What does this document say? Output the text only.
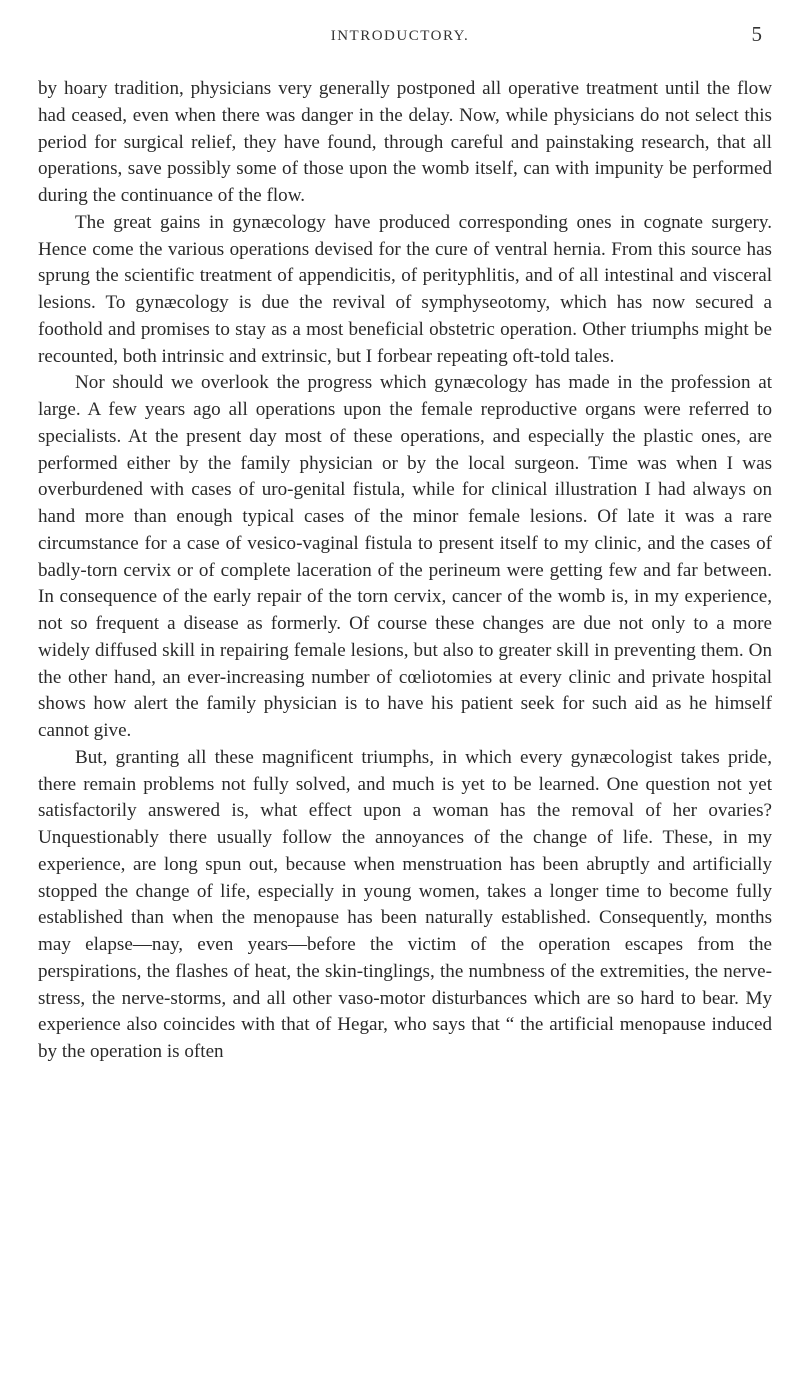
INTRODUCTORY.	5

by hoary tradition, physicians very generally postponed all operative treatment until the flow had ceased, even when there was danger in the delay. Now, while physicians do not select this period for surgical relief, they have found, through careful and painstaking research, that all operations, save possibly some of those upon the womb itself, can with impunity be performed during the continuance of the flow.

The great gains in gynæcology have produced corresponding ones in cognate surgery. Hence come the various operations devised for the cure of ventral hernia. From this source has sprung the scientific treatment of appendicitis, of perityphlitis, and of all intestinal and visceral lesions. To gynæcology is due the revival of symphyseotomy, which has now secured a foothold and promises to stay as a most beneficial obstetric operation. Other triumphs might be recounted, both intrinsic and extrinsic, but I forbear repeating oft-told tales.

Nor should we overlook the progress which gynæcology has made in the profession at large. A few years ago all operations upon the female reproductive organs were referred to specialists. At the present day most of these operations, and especially the plastic ones, are performed either by the family physician or by the local surgeon. Time was when I was overburdened with cases of uro-genital fistula, while for clinical illustration I had always on hand more than enough typical cases of the minor female lesions. Of late it was a rare circumstance for a case of vesico-vaginal fistula to present itself to my clinic, and the cases of badly-torn cervix or of complete laceration of the perineum were getting few and far between. In consequence of the early repair of the torn cervix, cancer of the womb is, in my experience, not so frequent a disease as formerly. Of course these changes are due not only to a more widely diffused skill in repairing female lesions, but also to greater skill in preventing them. On the other hand, an ever-increasing number of cœliotomies at every clinic and private hospital shows how alert the family physician is to have his patient seek for such aid as he himself cannot give.

But, granting all these magnificent triumphs, in which every gynæcologist takes pride, there remain problems not fully solved, and much is yet to be learned. One question not yet satisfactorily answered is, what effect upon a woman has the removal of her ovaries? Unquestionably there usually follow the annoyances of the change of life. These, in my experience, are long spun out, because when menstruation has been abruptly and artificially stopped the change of life, especially in young women, takes a longer time to become fully established than when the menopause has been naturally established. Consequently, months may elapse—nay, even years—before the victim of the operation escapes from the perspirations, the flashes of heat, the skin-tinglings, the numbness of the extremities, the nerve-stress, the nerve-storms, and all other vaso-motor disturbances which are so hard to bear. My experience also coincides with that of Hegar, who says that “ the artificial menopause induced by the operation is often
